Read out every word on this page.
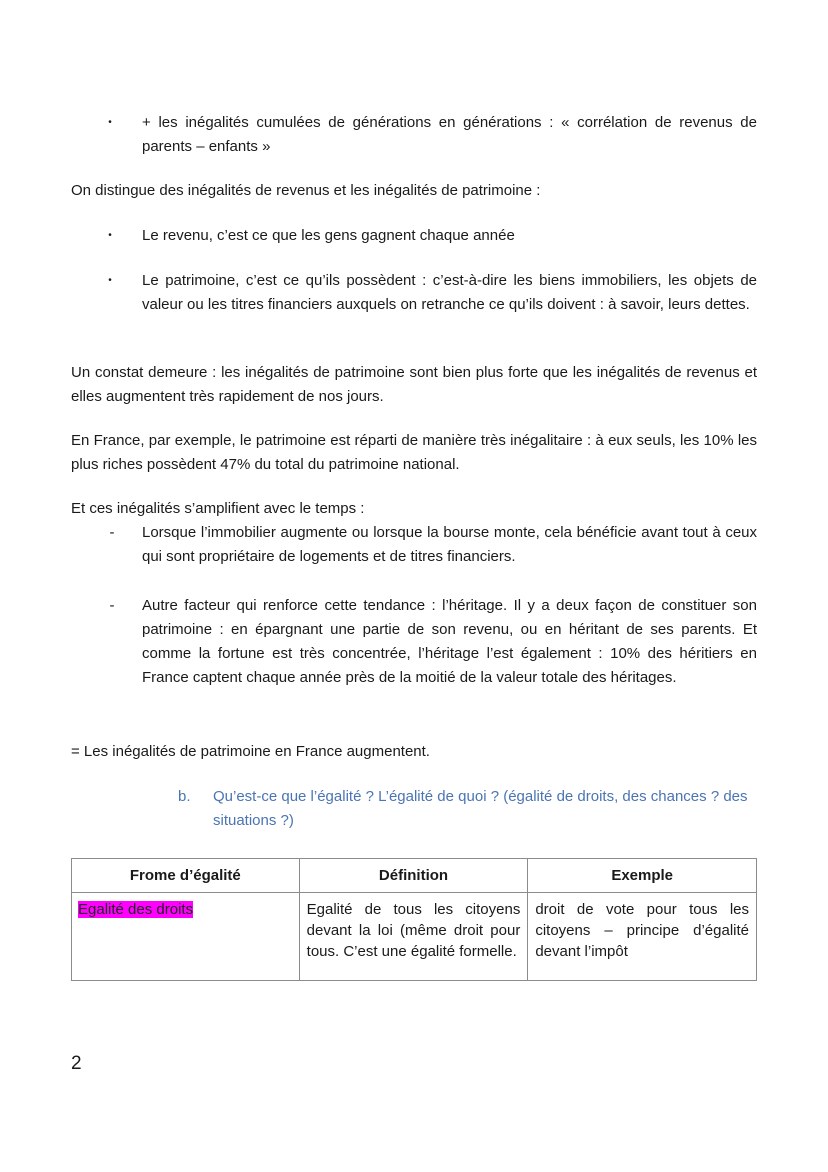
• + les inégalités cumulées de générations en générations : « corrélation de revenus de parents – enfants »

On distingue des inégalités de revenus et les inégalités de patrimoine :

• Le revenu, c’est ce que les gens gagnent chaque année
• Le patrimoine, c’est ce qu’ils possèdent : c’est-à-dire les biens immobiliers, les objets de valeur ou les titres financiers auxquels on retranche ce qu’ils doivent : à savoir, leurs dettes.

Un constat demeure : les inégalités de patrimoine sont bien plus forte que les inégalités de revenus et elles augmentent très rapidement de nos jours.

En France, par exemple, le patrimoine est réparti de manière très inégalitaire : à eux seuls, les 10% les plus riches possèdent 47% du total du patrimoine national.

Et ces inégalités s’amplifient avec le temps :

- Lorsque l’immobilier augmente ou lorsque la bourse monte, cela bénéficie avant tout à ceux qui sont propriétaire de logements et de titres financiers.
- Autre facteur qui renforce cette tendance : l’héritage. Il y a deux façon de constituer son patrimoine : en épargnant une partie de son revenu, ou en héritant de ses parents. Et comme la fortune est très concentrée, l’héritage l’est également : 10% des héritiers en France captent chaque année près de la moitié de la valeur totale des héritages.

= Les inégalités de patrimoine en France augmentent.

b. Qu’est-ce que l’égalité ? L’égalité de quoi ? (égalité de droits, des chances ? des situations ?)
Frome d’égalité	Définition	Exemple
Egalité des droits	Egalité de tous les citoyens devant la loi (même droit pour tous. C’est une égalité formelle.	droit de vote pour tous les citoyens – principe d’égalité devant l’impôt
2
